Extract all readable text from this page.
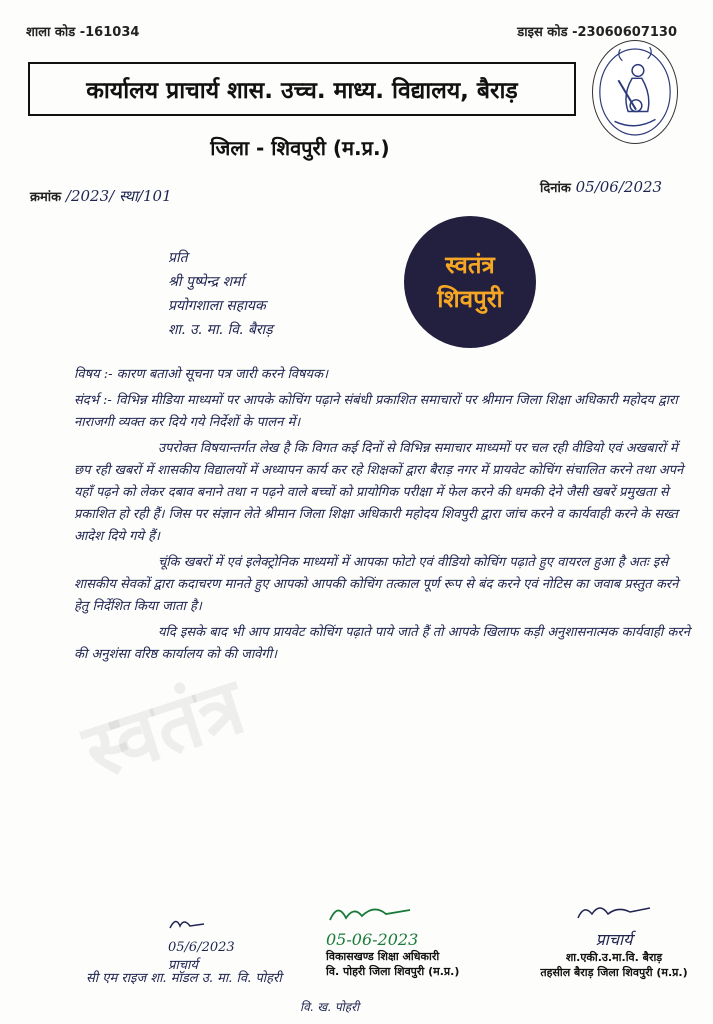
शाला कोड -161034	डाइस कोड -23060607130
कार्यालय प्राचार्य शास. उच्च. माध्य. विद्यालय, बैराड़
जिला - शिवपुरी (म.प्र.)
क्रमांक /2023/ स्था/101	दिनांक 05/06/2023
प्रति
श्री पुष्पेन्द्र शर्मा
प्रयोगशाला सहायक
शा. उ. मा. वि. बैराड़
स्वतंत्र
शिवपुरी
स्वतंत्र

विषय :- कारण बताओ सूचना पत्र जारी करने विषयक।

संदर्भ :- विभिन्न मीडिया माध्यमों पर आपके कोचिंग पढ़ाने संबंधी प्रकाशित समाचारों पर श्रीमान जिला शिक्षा अधिकारी महोदय द्वारा नाराजगी व्यक्त कर दिये गये निर्देशों के पालन में।

उपरोक्त विषयान्तर्गत लेख है कि विगत कई दिनों से विभिन्न समाचार माध्यमों पर चल रही वीडियो एवं अखबारों में छप रही खबरों में शासकीय विद्यालयों में अध्यापन कार्य कर रहे शिक्षकों द्वारा बैराड़ नगर में प्रायवेट कोचिंग संचालित करने तथा अपने यहाँ पढ़ने को लेकर दबाव बनाने तथा न पढ़ने वाले बच्चों को प्रायोगिक परीक्षा में फेल करने की धमकी देने जैसी खबरें प्रमुखता से प्रकाशित हो रही हैं। जिस पर संज्ञान लेते श्रीमान जिला शिक्षा अधिकारी महोदय शिवपुरी द्वारा जांच करने व कार्यवाही करने के सख्त आदेश दिये गये हैं।

चूंकि खबरों में एवं इलेक्ट्रोनिक माध्यमों में आपका फोटो एवं वीडियो कोचिंग पढ़ाते हुए वायरल हुआ है अतः इसे शासकीय सेवकों द्वारा कदाचरण मानते हुए आपको आपकी कोचिंग तत्काल पूर्ण रूप से बंद करने एवं नोटिस का जवाब प्रस्तुत करने हेतु निर्देशित किया जाता है।

यदि इसके बाद भी आप प्रायवेट कोचिंग पढ़ाते पाये जाते हैं तो आपके खिलाफ कड़ी अनुशासनात्मक कार्यवाही करने की अनुशंसा वरिष्ठ कार्यालय को की जावेगी।

05/6/2023
प्राचार्य
05-06-2023
विकासखण्ड शिक्षा अधिकारी
वि. पोहरी जिला शिवपुरी (म.प्र.)
प्राचार्य
शा.एकी.उ.मा.वि. बैराड़
तहसील बैराड़ जिला शिवपुरी (म.प्र.)
सी एम राइज शा. मॉडल उ. मा. वि. पोहरी
वि. ख. पोहरी
